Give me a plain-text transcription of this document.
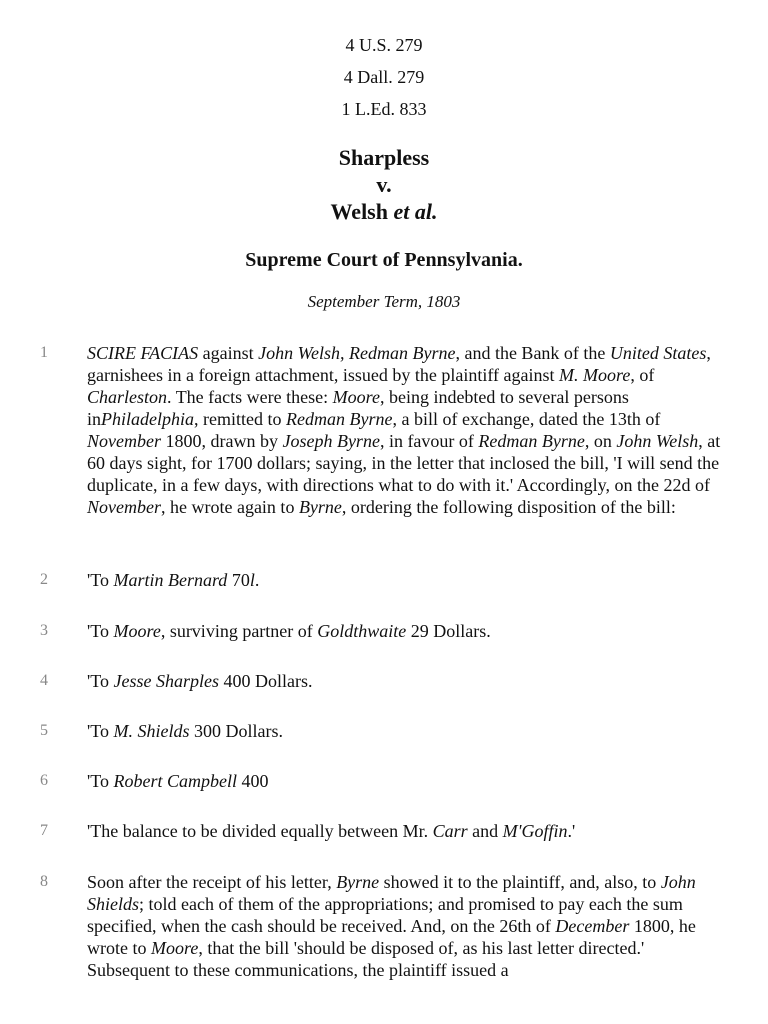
4 U.S. 279
4 Dall. 279
1 L.Ed. 833
Sharpless
v.
Welsh et al.
Supreme Court of Pennsylvania.
September Term, 1803
1	SCIRE FACIAS against John Welsh, Redman Byrne, and the Bank of the United States, garnishees in a foreign attachment, issued by the plaintiff against M. Moore, of Charleston. The facts were these: Moore, being indebted to several persons inPhiladelphia, remitted to Redman Byrne, a bill of exchange, dated the 13th of November 1800, drawn by Joseph Byrne, in favour of Redman Byrne, on John Welsh, at 60 days sight, for 1700 dollars; saying, in the letter that inclosed the bill, 'I will send the duplicate, in a few days, with directions what to do with it.' Accordingly, on the 22d of November, he wrote again to Byrne, ordering the following disposition of the bill:
2	'To Martin Bernard 70l.
3	'To Moore, surviving partner of Goldthwaite 29 Dollars.
4	'To Jesse Sharples 400 Dollars.
5	'To M. Shields 300 Dollars.
6	'To Robert Campbell 400
7	'The balance to be divided equally between Mr. Carr and M'Goffin.'
8	Soon after the receipt of his letter, Byrne showed it to the plaintiff, and, also, to John Shields; told each of them of the appropriations; and promised to pay each the sum specified, when the cash should be received. And, on the 26th of December 1800, he wrote to Moore, that the bill 'should be disposed of, as his last letter directed.' Subsequent to these communications, the plaintiff issued a
